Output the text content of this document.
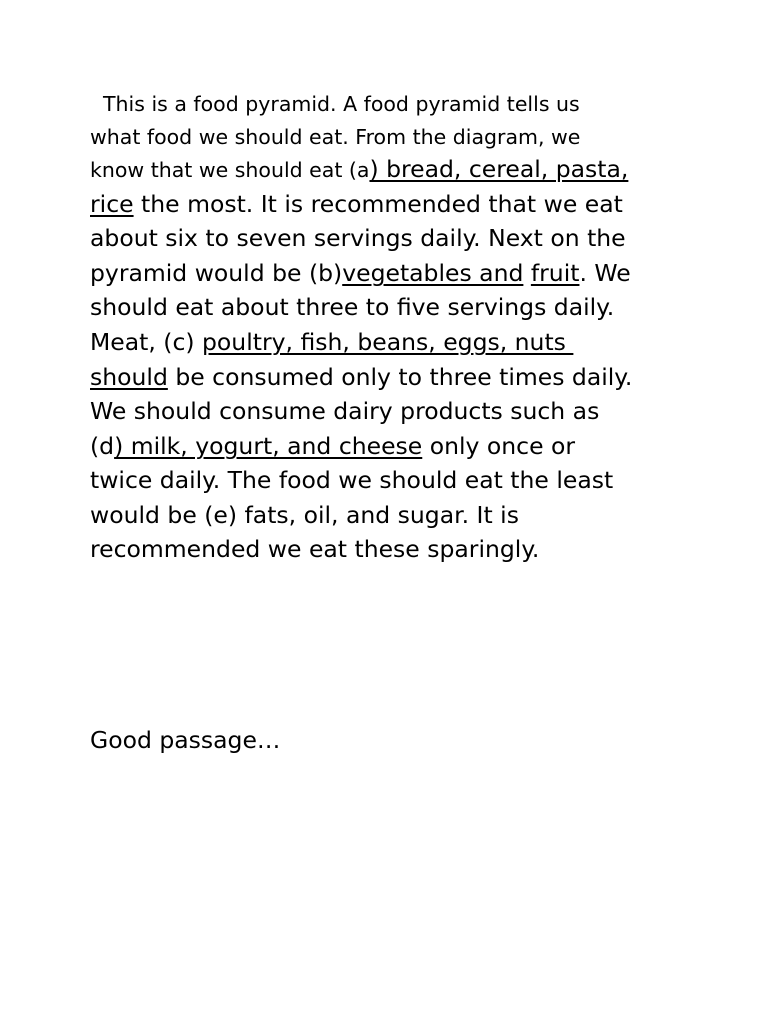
This is a food pyramid. A food pyramid tells us
what food we should eat. From the diagram, we
know that we should eat (a) bread, cereal, pasta,
rice the most. It is recommended that we eat
about six to seven servings daily. Next on the
pyramid would be (b)vegetables and fruit. We
should eat about three to five servings daily.
Meat, (c) poultry, fish, beans, eggs, nuts
should be consumed only to three times daily.
We should consume dairy products such as
(d) milk, yogurt, and cheese only once or
twice daily. The food we should eat the least
would be (e) fats, oil, and sugar. It is
recommended we eat these sparingly.
Good passage…
